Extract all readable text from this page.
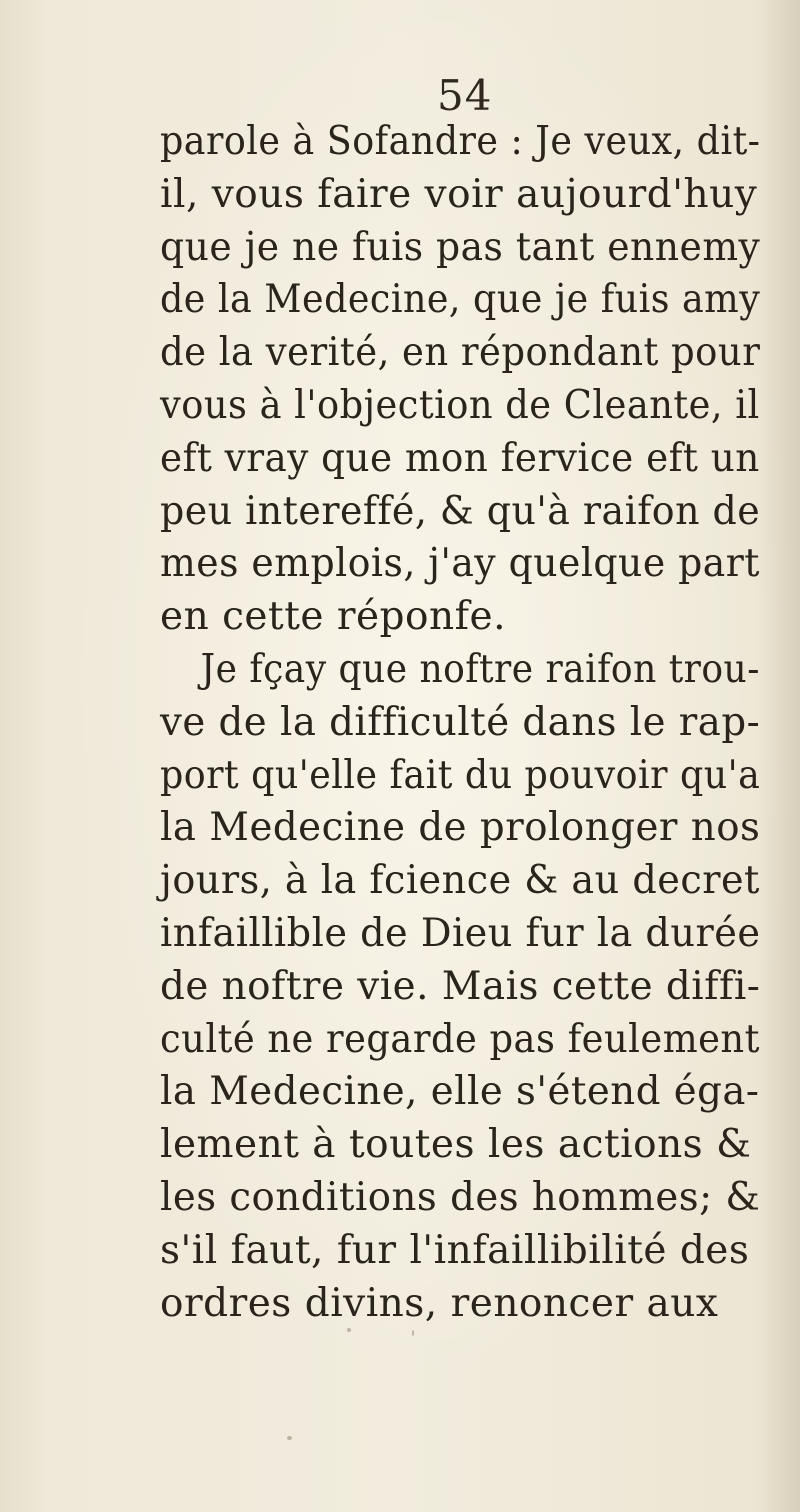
54
parole à Sofandre : Je veux, dit-
il, vous faire voir aujourd'huy
que je ne fuis pas tant ennemy
de la Medecine, que je fuis amy
de la verité, en répondant pour
vous à l'objection de Cleante, il
eft vray que mon fervice eft un
peu intereffé, & qu'à raifon de
mes emplois, j'ay quelque part
en cette réponfe.
Je fçay que noftre raifon trou-
ve de la difficulté dans le rap-
port qu'elle fait du pouvoir qu'a
la Medecine de prolonger nos
jours, à la fcience & au decret
infaillible de Dieu fur la durée
de noftre vie. Mais cette diffi-
culté ne regarde pas feulement
la Medecine, elle s'étend éga-
lement à toutes les actions &
les conditions des hommes; &
s'il faut, fur l'infaillibilité des
ordres divins, renoncer aux
